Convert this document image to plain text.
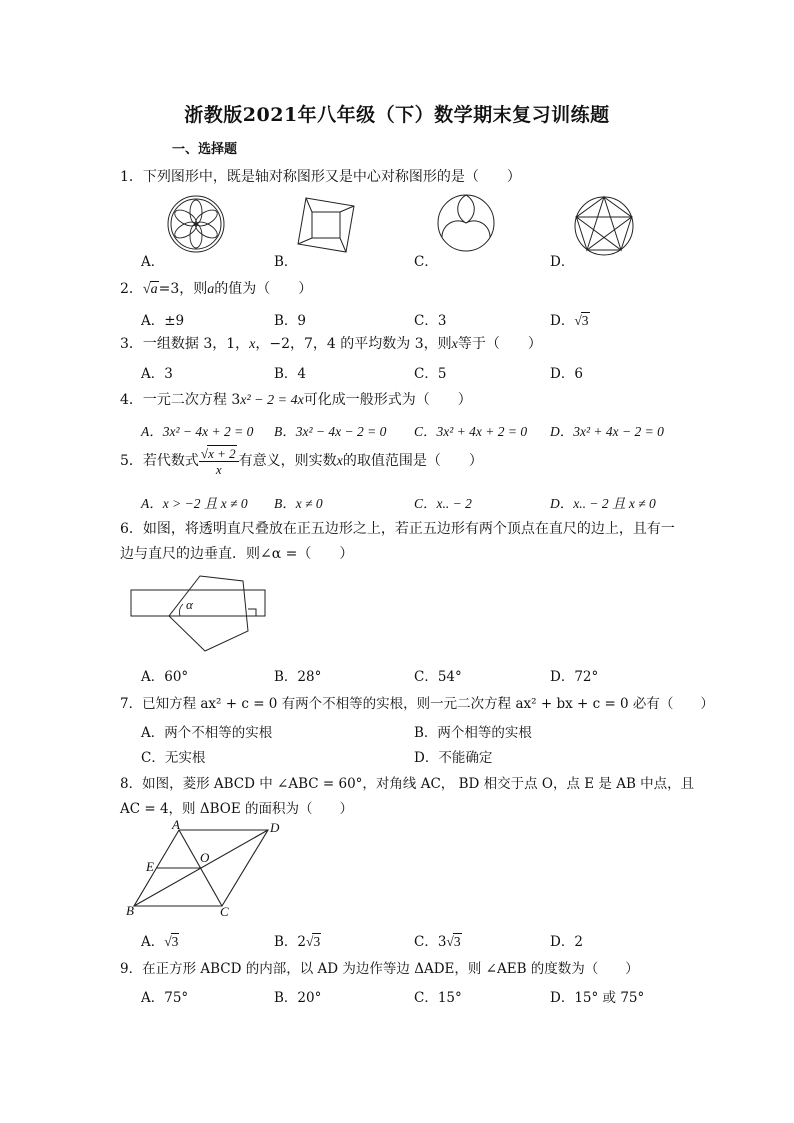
浙教版2021年八年级（下）数学期末复习训练题
一、选择题
1．下列图形中，既是轴对称图形又是中心对称图形的是（　　）
A．	B．	C．	D．
2．√a=3，则a的值为（　　）
A．±9	B．9	C．3	D．√3
3．一组数据 3，1，x，−2，7，4 的平均数为 3，则x等于（　　）
A．3	B．4	C．5	D．6
4．一元二次方程 3x² − 2 = 4x可化成一般形式为（　　）
A．3x² − 4x + 2 = 0 B．3x² − 4x − 2 = 0 C．3x² + 4x + 2 = 0 D．3x² + 4x − 2 = 0
5．若代数式 $\frac{√x + 2}{x}$ 有意义，则实数x的取值范围是（　　）
A．x > −2 且 x ≠ 0 B．x ≠ 0	C．x.. − 2	D．x.. − 2 且 x ≠ 0
6．如图，将透明直尺叠放在正五边形之上，若正五边形有两个顶点在直尺的边上，且有一
边与直尺的边垂直．则∠α =（　　）
α
A．60°	B．28°	C．54°	D．72°
7．已知方程 ax² + c = 0 有两个不相等的实根，则一元二次方程 ax² + bx + c = 0 必有（　　）
A．两个不相等的实根	B．两个相等的实根
C．无实根	D．不能确定
8．如图，菱形 ABCD 中 ∠ABC = 60°，对角线 AC， BD 相交于点 O，点 E 是 AB 中点，且
AC = 4，则 ΔBOE 的面积为（　　）
A	D
B	C
E
O
A．√3	B．2√3	C．3√3	D．2
9．在正方形 ABCD 的内部，以 AD 为边作等边 ΔADE，则 ∠AEB 的度数为（　　）
A．75°	B．20°	C．15°	D．15° 或 75°
